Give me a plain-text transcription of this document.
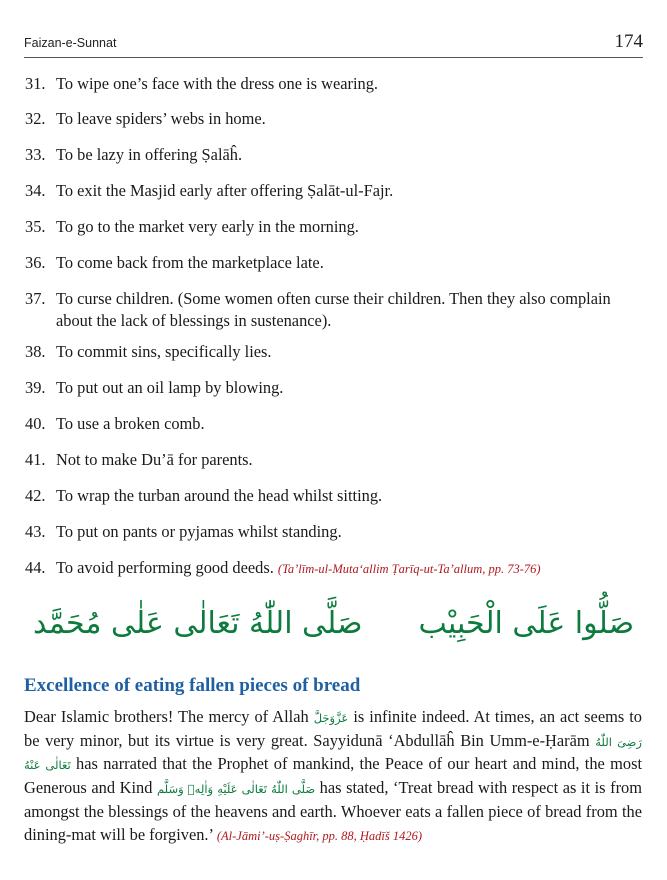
Faizan-e-Sunnat	174
31. To wipe one’s face with the dress one is wearing.
32. To leave spiders’ webs in home.
33. To be lazy in offering Ṣalāĥ.
34. To exit the Masjid early after offering Ṣalāt-ul-Fajr.
35. To go to the market very early in the morning.
36. To come back from the marketplace late.
37. To curse children. (Some women often curse their children. Then they also complain about the lack of blessings in sustenance).
38. To commit sins, specifically lies.
39. To put out an oil lamp by blowing.
40. To use a broken comb.
41. Not to make Du’ā for parents.
42. To wrap the turban around the head whilst sitting.
43. To put on pants or pyjamas whilst standing.
44. To avoid performing good deeds. (Ta’līm-ul-Muta‘allim Ṭarīq-ut-Ta’allum, pp. 73-76)
صَلَّى اللّٰهُ تَعَالٰى عَلٰى مُحَمَّد صَلُّوا عَلَى الْحَبِيْب
Excellence of eating fallen pieces of bread
Dear Islamic brothers! The mercy of Allah عَزَّوَجَلَّ is infinite indeed. At times, an act seems to be very minor, but its virtue is very great. Sayyidunā ‘Abdullāĥ Bin Umm-e-Ḥarām رَضِیَ اللّٰهُ تَعَالٰی عَنْهُ has narrated that the Prophet of mankind, the Peace of our heart and mind, the most Generous and Kind صَلَّى اللّٰهُ تَعَالٰى عَلَيْهِ وَاٰلِهٖ وَسَلَّم has stated, ‘Treat bread with respect as it is from amongst the blessings of the heavens and earth. Whoever eats a fallen piece of bread from the dining-mat will be forgiven.’ (Al-Jāmi’-uṣ-Ṣaghīr, pp. 88, Ḥadīš 1426)
